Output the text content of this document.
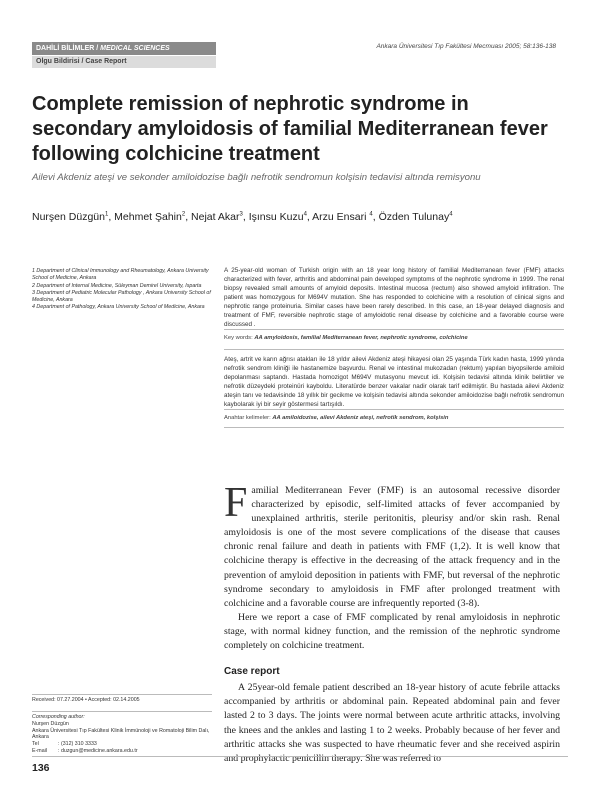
DAHİLİ BİLİMLER / MEDICAL SCIENCES
Olgu Bildirisi / Case Report
Ankara Üniversitesi Tıp Fakültesi Mecmuası 2005; 58:136-138
Complete remission of nephrotic syndrome in secondary amyloidosis of familial Mediterranean fever following colchicine treatment
Ailevi Akdeniz ateşi ve sekonder amiloidozise bağlı nefrotik sendromun kolşisin tedavisi altında remisyonu
Nurşen Düzgün$^1$, Mehmet Şahin$^2$, Nejat Akar$^3$, Işınsu Kuzu$^4$, Arzu Ensari $^4$, Özden Tulunay$^4$

1 Department of Clinical Immunology and Rheumatology, Ankara University School of Medicine, Ankara

2 Department of Internal Medicine, Süleyman Demirel University, Isparta

3 Department of Pediatric Molecular Pathology , Ankara University School of Medicine, Ankara

4 Department of Pathology, Ankara University School of Medicine, Ankara

A 25-year-old woman of Turkish origin with an 18 year long history of familial Mediterranean fever (FMF) attacks characterized with fever, arthritis and abdominal pain developed symptoms of the nephrotic syndrome in 1999. The renal biopsy revealed small amounts of amyloid deposits. Intestinal mucosa (rectum) also showed amyloid infiltration. The patient was homozygous for M694V mutation. She has responded to colchicine with a resolution of clinical signs and nephrotic range proteinuria. Similar cases have been rarely described. In this case, an 18-year delayed diagnosis and treatment of FMF, reversible nephrotic stage of amyloidotic renal disease by colchicine and a favorable course were discussed .

Key words: AA amyloidosis, familial Mediterranean fever, nephrotic syndrome, colchicine

Ateş, artrit ve karın ağrısı atakları ile 18 yıldır ailevi Akdeniz ateşi hikayesi olan 25 yaşında Türk kadın hasta, 1999 yılında nefrotik sendrom kliniği ile hastanemize başvurdu. Renal ve intestinal mukozadan (rektum) yapılan biyopsilerde amiloid depolanması saptandı. Hastada homozigot M694V mutasyonu mevcut idi. Kolşisin tedavisi altında klinik belirtiler ve nefrotik düzeydeki proteinüri kayboldu. Literatürde benzer vakalar nadir olarak tarif edilmiştir. Bu hastada ailevi Akdeniz ateşin tanı ve tedavisinde 18 yıllık bir gecikme ve kolşisin tedavisi altında sekonder amiloidozise bağlı nefrotik sendromun kaybolarak iyi bir seyir göstermesi tartışıldı.

Anahtar kelimeler: AA amiloidozise, ailevi Akdeniz ateşi, nefrotik sendrom, kolşisin

Familial Mediterranean Fever (FMF) is an autosomal recessive disorder characterized by episodic, self-limited attacks of fever accompanied by unexplained arthritis, sterile peritonitis, pleurisy and/or skin rash. Renal amyloidosis is one of the most severe complications of the disease that causes chronic renal failure and death in patients with FMF (1,2). It is well know that colchicine therapy is effective in the decreasing of the attack frequency and in the prevention of amyloid deposition in patients with FMF, but reversal of the nephrotic syndrome secondary to amyloidosis in FMF after prolonged treatment with colchicine and a favorable course are infrequently reported (3-8).

Here we report a case of FMF complicated by renal amyloidosis in nephrotic stage, with normal kidney function, and the remission of the nephrotic syndrome completely on colchicine treatment.

Case report

A 25year-old female patient described an 18-year history of acute febrile attacks accompanied by arthritis or abdominal pain. Repeated abdominal pain and fever lasted 2 to 3 days. The joints were normal between acute arthritic attacks, involving the knees and the ankles and lasting 1 to 2 weeks. Probably because of her fever and arthritic attacks she was suspected to have rheumatic fever and she received aspirin and prophylactic penicillin therapy. She was referred to

Received: 07.27.2004 • Accepted: 02.14.2005
Corresponding author:
Nurşen Düzgün
Ankara Üniversitesi Tıp Fakültesi Klinik İmmünoloji ve Romatoloji Bilim Dalı, Ankara
Tel	: (312) 310 3333
E-mail	: duzgun@medicine.ankara.edu.tr
136
